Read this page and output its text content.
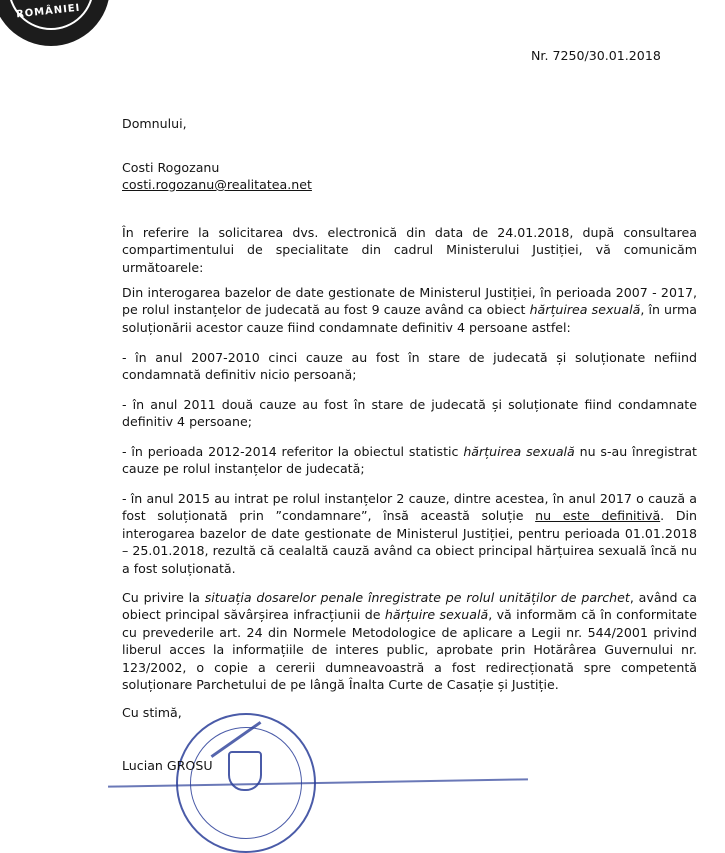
ROMÂNIEI
Nr. 7250/30.01.2018
Domnului,
Costi Rogozanu
costi.rogozanu@realitatea.net

În referire la solicitarea dvs. electronică din data de 24.01.2018, după consultarea compartimentului de specialitate din cadrul Ministerului Justiției, vă comunicăm următoarele:

Din interogarea bazelor de date gestionate de Ministerul Justiției, în perioada 2007 - 2017, pe rolul instanțelor de judecată au fost 9 cauze având ca obiect hărțuirea sexuală, în urma soluționării acestor cauze fiind condamnate definitiv 4 persoane astfel:

- în anul 2007-2010 cinci cauze au fost în stare de judecată și soluționate nefiind condamnată definitiv nicio persoană;

- în anul 2011 două cauze au fost în stare de judecată și soluționate fiind condamnate definitiv 4 persoane;

- în perioada 2012-2014 referitor la obiectul statistic hărțuirea sexuală nu s-au înregistrat cauze pe rolul instanțelor de judecată;

- în anul 2015 au intrat pe rolul instanțelor 2 cauze, dintre acestea, în anul 2017 o cauză a fost soluționată prin ”condamnare”, însă această soluție nu este definitivă. Din interogarea bazelor de date gestionate de Ministerul Justiției, pentru perioada 01.01.2018 – 25.01.2018, rezultă că cealaltă cauză având ca obiect principal hărțuirea sexuală încă nu a fost soluționată.

Cu privire la situația dosarelor penale înregistrate pe rolul unităților de parchet, având ca obiect principal săvârșirea infracțiunii de hărțuire sexuală, vă informăm că în conformitate cu prevederile art. 24 din Normele Metodologice de aplicare a Legii nr. 544/2001 privind liberul acces la informațiile de interes public, aprobate prin Hotărârea Guvernului nr. 123/2002, o copie a cererii dumneavoastră a fost redirecționată spre competentă soluționare Parchetului de pe lângă Înalta Curte de Casație și Justiție.

Cu stimă,
Lucian GROSU
